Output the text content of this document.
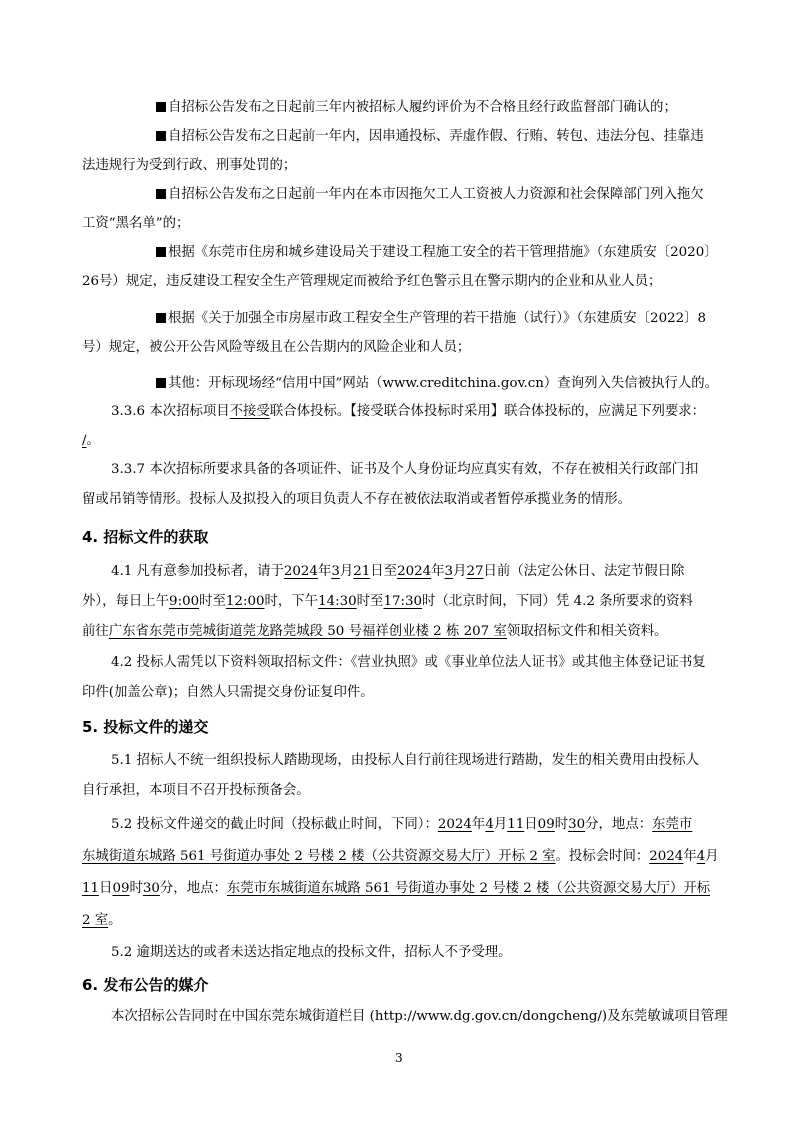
自招标公告发布之日起前三年内被招标人履约评价为不合格且经行政监督部门确认的；
自招标公告发布之日起前一年内，因串通投标、弄虚作假、行贿、转包、违法分包、挂靠违
法违规行为受到行政、刑事处罚的；
自招标公告发布之日起前一年内在本市因拖欠工人工资被人力资源和社会保障部门列入拖欠
工资“黑名单”的；
根据《东莞市住房和城乡建设局关于建设工程施工安全的若干管理措施》（东建质安〔2020〕
26号）规定，违反建设工程安全生产管理规定而被给予红色警示且在警示期内的企业和从业人员；
根据《关于加强全市房屋市政工程安全生产管理的若干措施（试行）》（东建质安〔2022〕8
号）规定，被公开公告风险等级且在公告期内的风险企业和人员；
其他：开标现场经“信用中国”网站（www.creditchina.gov.cn）查询列入失信被执行人的。
3.3.6 本次招标项目不接受联合体投标。【接受联合体投标时采用】联合体投标的，应满足下列要求：
/。
3.3.7 本次招标所要求具备的各项证件、证书及个人身份证均应真实有效，不存在被相关行政部门扣
留或吊销等情形。投标人及拟投入的项目负责人不存在被依法取消或者暂停承揽业务的情形。
4. 招标文件的获取
4.1 凡有意参加投标者，请于2024年3月21日至2024年3月27日前（法定公休日、法定节假日除
外），每日上午9:00时至12:00时，下午14:30时至17:30时（北京时间，下同）凭 4.2 条所要求的资料
前往广东省东莞市莞城街道莞龙路莞城段 50 号福祥创业楼 2 栋 207 室领取招标文件和相关资料。
4.2 投标人需凭以下资料领取招标文件：《营业执照》或《事业单位法人证书》或其他主体登记证书复
印件(加盖公章)；自然人只需提交身份证复印件。
5. 投标文件的递交
5.1 招标人不统一组织投标人踏勘现场，由投标人自行前往现场进行踏勘，发生的相关费用由投标人
自行承担，本项目不召开投标预备会。
5.2 投标文件递交的截止时间（投标截止时间，下同）：2024年4月11日09时30分，地点：东莞市
东城街道东城路 561 号街道办事处 2 号楼 2 楼（公共资源交易大厅）开标 2 室。投标会时间：2024年4月
11日09时30分，地点：东莞市东城街道东城路 561 号街道办事处 2 号楼 2 楼（公共资源交易大厅）开标
2 室。
5.2 逾期送达的或者未送达指定地点的投标文件，招标人不予受理。
6. 发布公告的媒介
本次招标公告同时在中国东莞东城街道栏目 (http://www.dg.gov.cn/dongcheng/)及东莞敏诚项目管理
3
